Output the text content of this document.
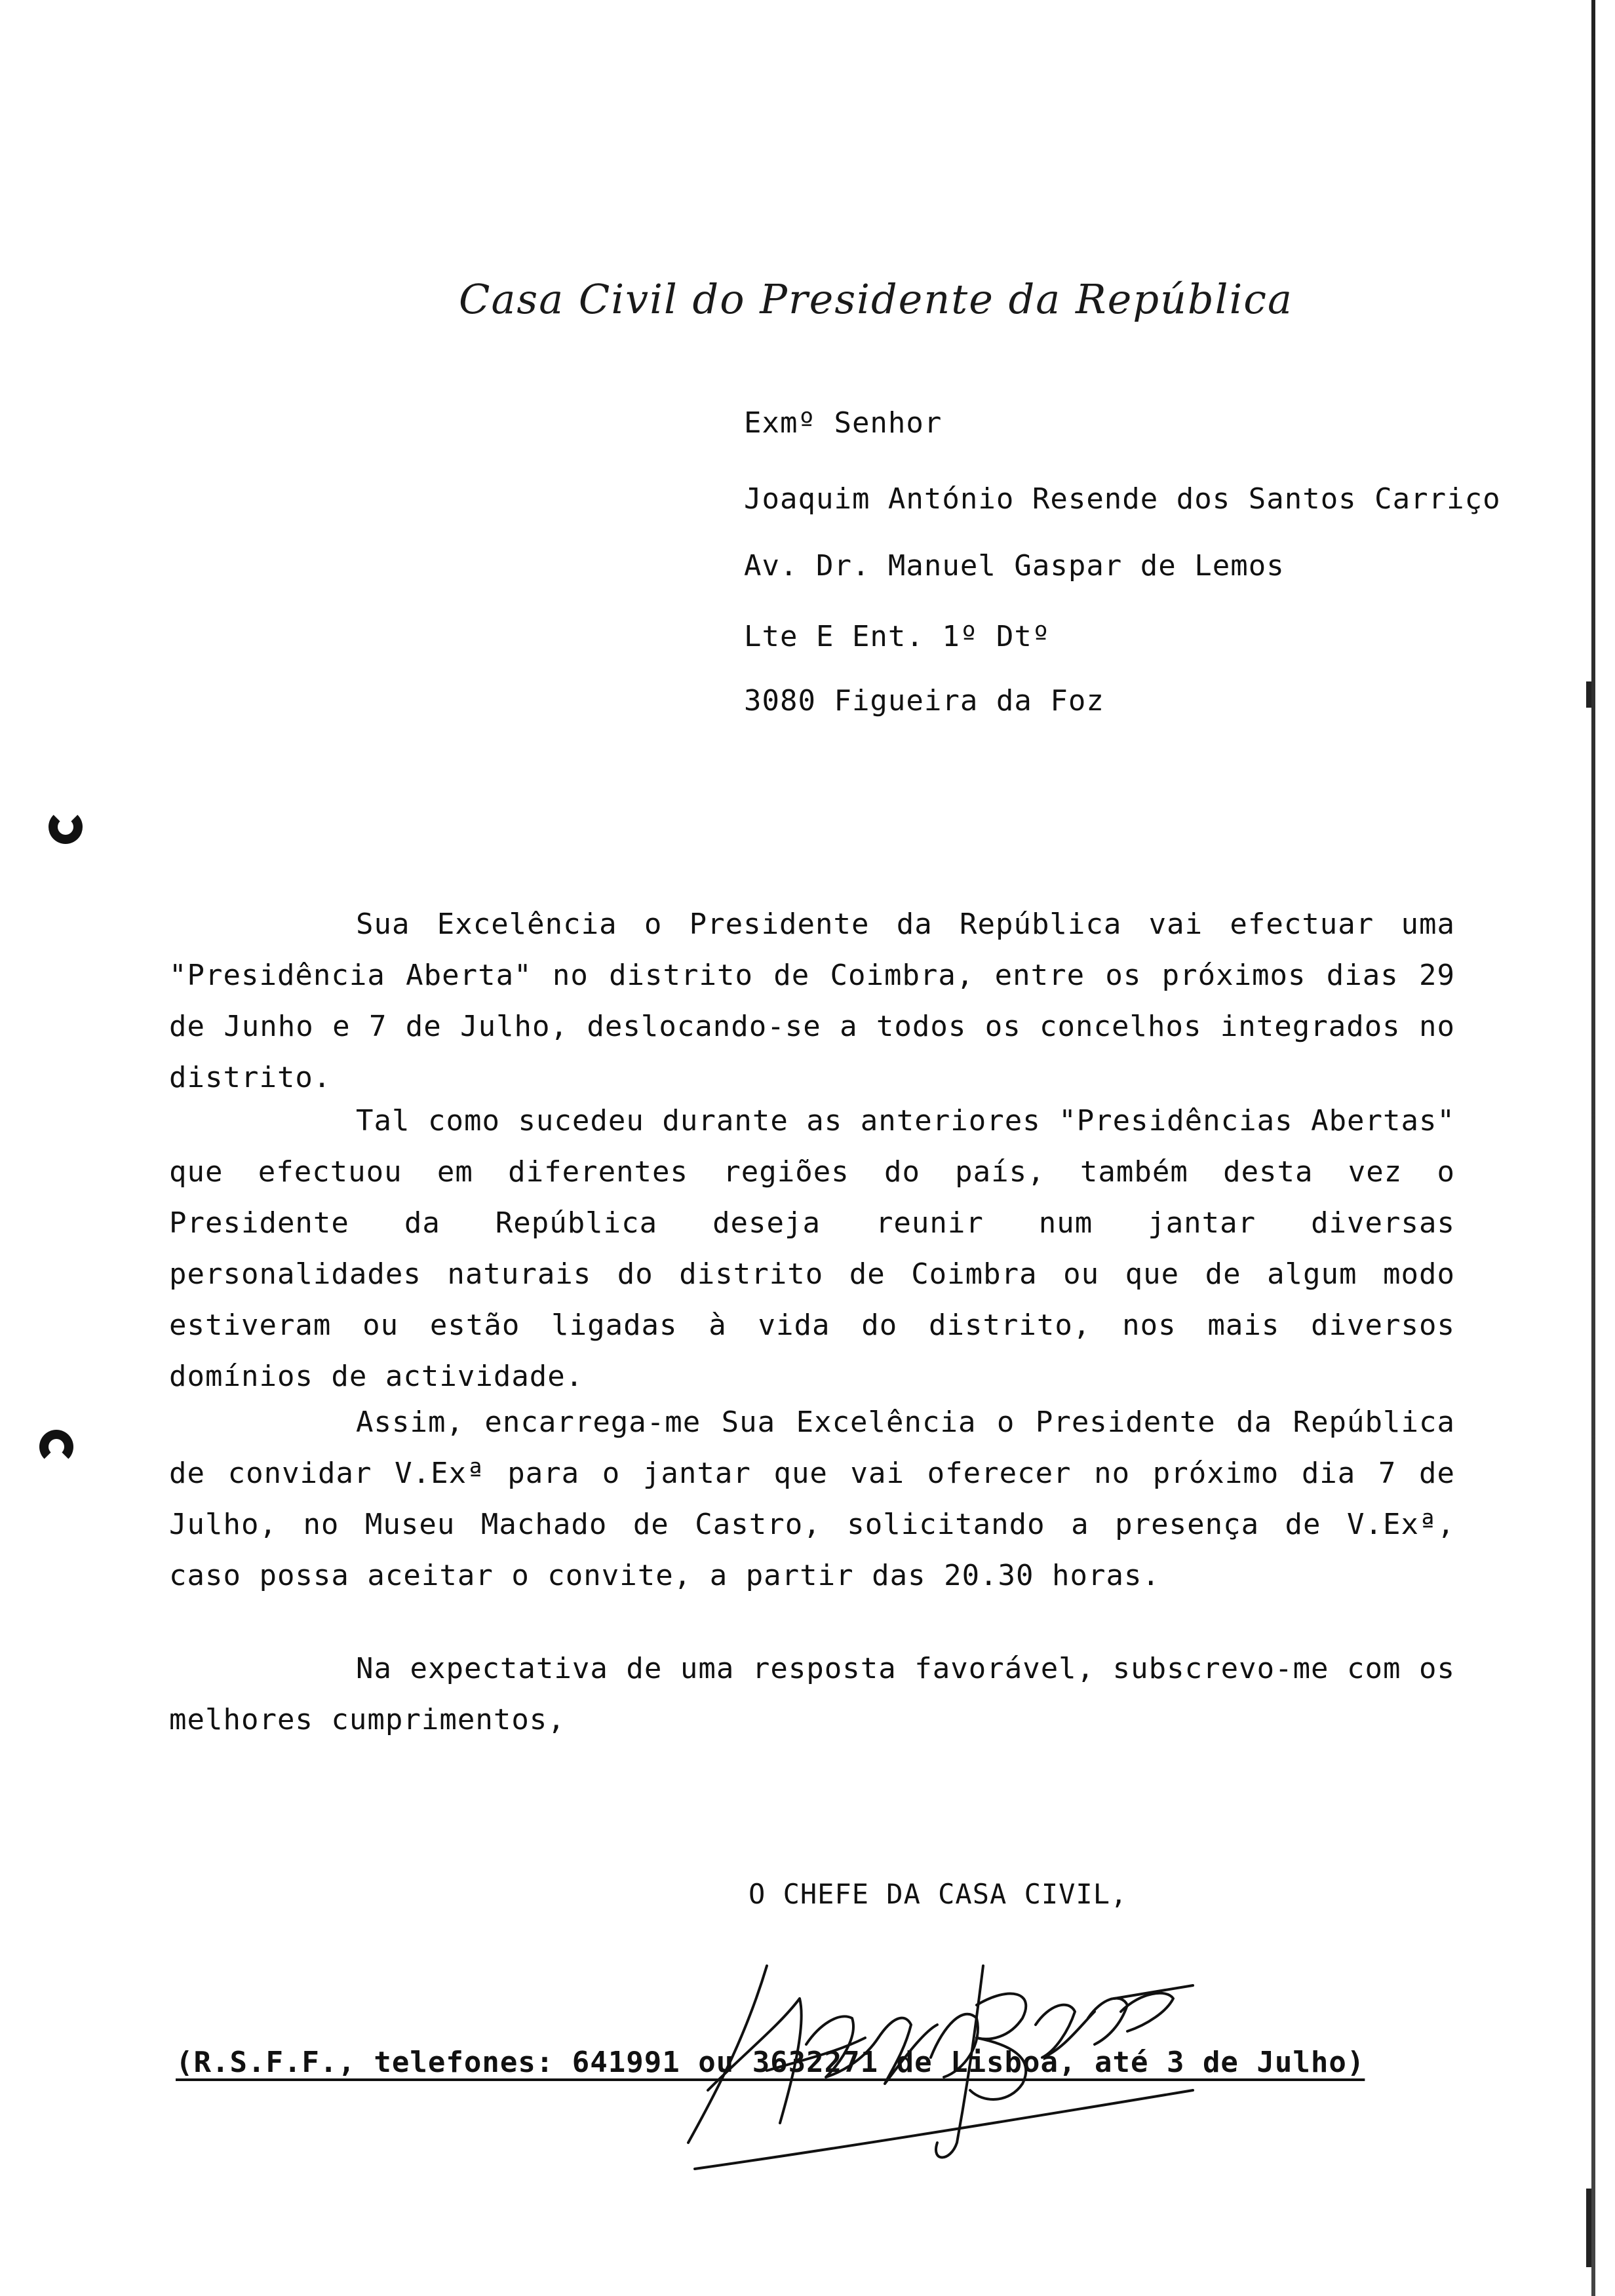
Casa Civil do Presidente da República
Exmº Senhor
Joaquim António Resende dos Santos Carriço
Av. Dr. Manuel Gaspar de Lemos
Lte E Ent. 1º Dtº
3080 Figueira da Foz
Sua Excelência o Presidente da República vai efectuar uma "Presidência Aberta" no distrito de Coimbra, entre os próximos dias 29 de Junho e 7 de Julho, deslocando-se a todos os concelhos integrados no distrito.
Tal como sucedeu durante as anteriores "Presidências Abertas" que efectuou em diferentes regiões do país, também desta vez o Presidente da República deseja reunir num jantar diversas personalidades naturais do distrito de Coimbra ou que de algum modo estiveram ou estão ligadas à vida do distrito, nos mais diversos domínios de actividade.
Assim, encarrega-me Sua Excelência o Presidente da República de convidar V.Exª para o jantar que vai oferecer no próximo dia 7 de Julho, no Museu Machado de Castro, solicitando a presença de V.Exª, caso possa aceitar o convite, a partir das 20.30 horas.
Na expectativa de uma resposta favorável, subscrevo-me com os melhores cumprimentos,
O CHEFE DA CASA CIVIL,
(R.S.F.F., telefones: 641991 ou 3632271 de Lisboa, até 3 de Julho)
